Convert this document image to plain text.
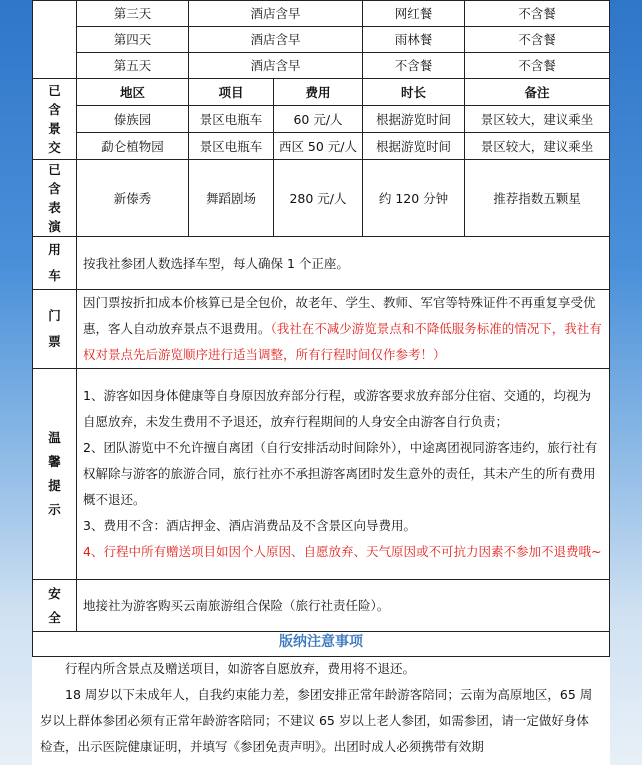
	第三天	酒店含早		网红餐	不含餐
	第四天	酒店含早		雨林餐	不含餐
	第五天	酒店含早		不含餐	不含餐

已含景交	地区	项目	费用	时长	备注
	傣族园	景区电瓶车	60 元/人	根据游览时间	景区较大，建议乘坐
	勐仑植物园	景区电瓶车	西区 50 元/人	根据游览时间	景区较大，建议乘坐

已含表演	新傣秀	舞蹈剧场	280 元/人	约 120 分钟	推荐指数五颗星

用车	按我社参团人数选择车型，每人确保 1 个正座。				

门票	因门票按折扣成本价核算已是全包价，故老年、学生、教师、军官等特殊证件不再重复享受优惠，客人自动放弃景点不退费用。（我社在不减少游览景点和不降低服务标准的情况下，我社有权对景点先后游览顺序进行适当调整，所有行程时间仅作参考！）				

温馨提示	1、游客如因身体健康等自身原因放弃部分行程，或游客要求放弃部分住宿、交通的，均视为自愿放弃，未发生费用不予退还，放弃行程期间的人身安全由游客自行负责；
2、团队游览中不允许擅自离团（自行安排活动时间除外），中途离团视同游客违约，旅行社有权解除与游客的旅游合同，旅行社亦不承担游客离团时发生意外的责任，其未产生的所有费用概不退还。
3、费用不含：酒店押金、酒店消费品及不含景区向导费用。
4、行程中所有赠送项目如因个人原因、自愿放弃、天气原因或不可抗力因素不参加不退费哦~				

安全	地接社为游客购买云南旅游组合保险（旅行社责任险）。				
版纳注意事项

行程内所含景点及赠送项目，如游客自愿放弃，费用将不退还。

18 周岁以下未成年人，自我约束能力差，参团安排正常年龄游客陪同；云南为高原地区，65 周岁以上群体参团必须有正常年龄游客陪同；不建议 65 岁以上老人参团，如需参团，请一定做好身体检查，出示医院健康证明，并填写《参团免责声明》。出团时成人必须携带有效期
